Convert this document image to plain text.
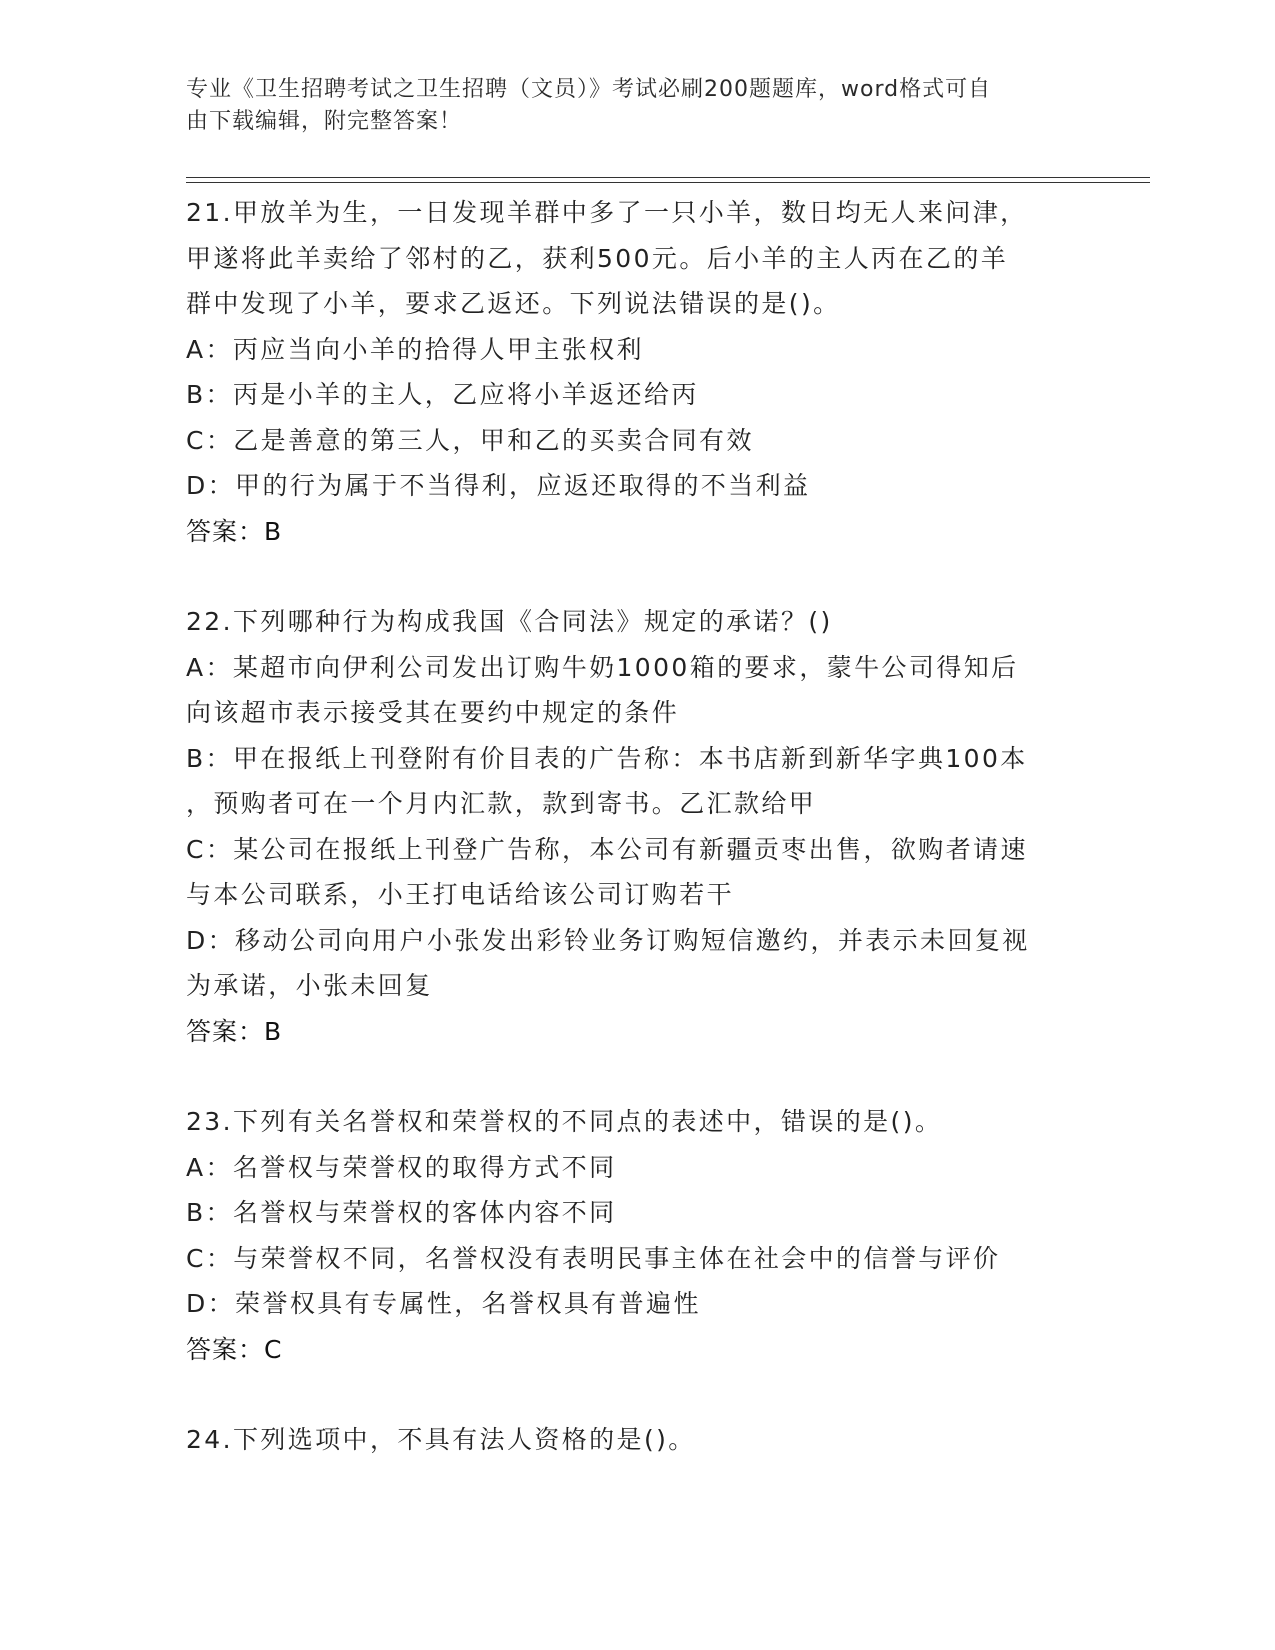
专业《卫生招聘考试之卫生招聘（文员）》考试必刷200题题库，word格式可自
由下载编辑，附完整答案！
21.甲放羊为生，一日发现羊群中多了一只小羊，数日均无人来问津，
甲遂将此羊卖给了邻村的乙，获利500元。后小羊的主人丙在乙的羊
群中发现了小羊，要求乙返还。下列说法错误的是()。
A：丙应当向小羊的拾得人甲主张权利
B：丙是小羊的主人，乙应将小羊返还给丙
C：乙是善意的第三人，甲和乙的买卖合同有效
D：甲的行为属于不当得利，应返还取得的不当利益
答案：B
22.下列哪种行为构成我国《合同法》规定的承诺？()
A：某超市向伊利公司发出订购牛奶1000箱的要求，蒙牛公司得知后
向该超市表示接受其在要约中规定的条件
B：甲在报纸上刊登附有价目表的广告称：本书店新到新华字典100本
，预购者可在一个月内汇款，款到寄书。乙汇款给甲
C：某公司在报纸上刊登广告称，本公司有新疆贡枣出售，欲购者请速
与本公司联系，小王打电话给该公司订购若干
D：移动公司向用户小张发出彩铃业务订购短信邀约，并表示未回复视
为承诺，小张未回复
答案：B
23.下列有关名誉权和荣誉权的不同点的表述中，错误的是()。
A：名誉权与荣誉权的取得方式不同
B：名誉权与荣誉权的客体内容不同
C：与荣誉权不同，名誉权没有表明民事主体在社会中的信誉与评价
D：荣誉权具有专属性，名誉权具有普遍性
答案：C
24.下列选项中，不具有法人资格的是()。
